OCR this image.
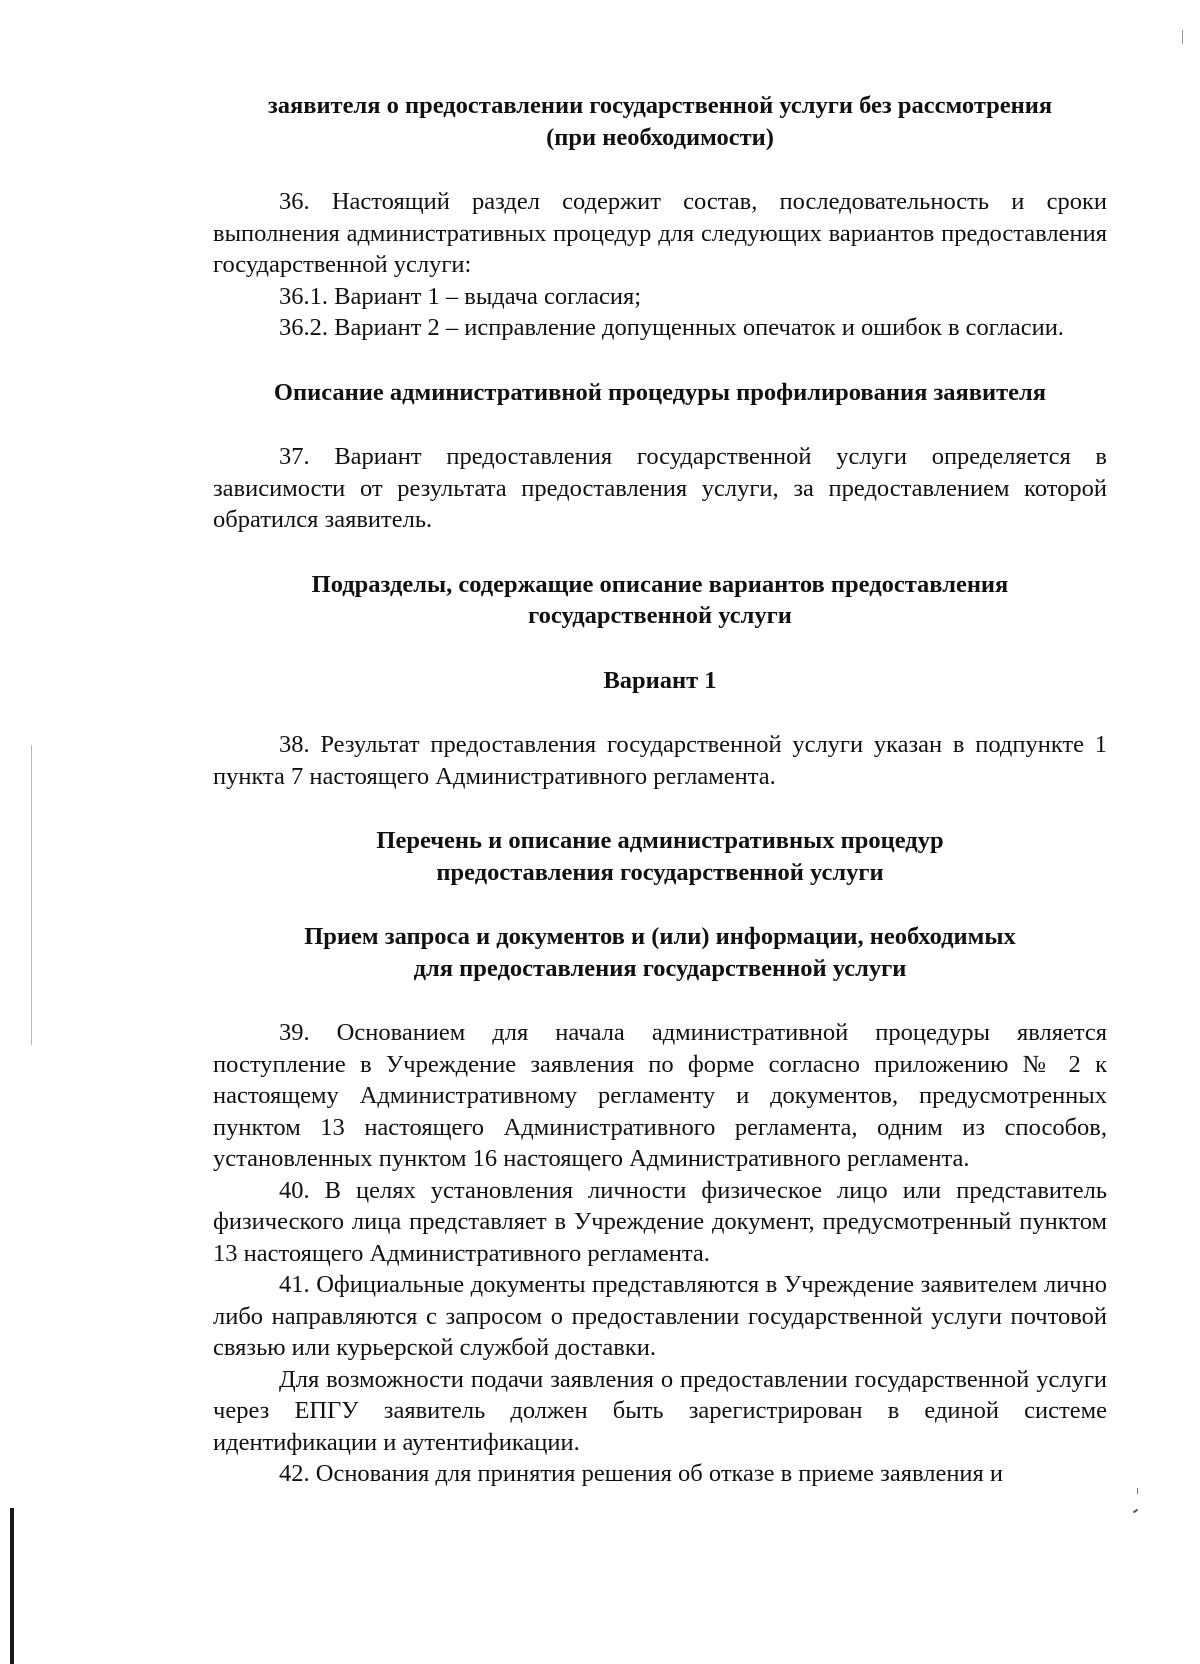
заявителя о предоставлении государственной услуги без рассмотрения

(при необходимости)

36. Настоящий раздел содержит состав, последовательность и сроки выполнения административных процедур для следующих вариантов предоставления государственной услуги:

36.1. Вариант 1 – выдача согласия;

36.2. Вариант 2 – исправление допущенных опечаток и ошибок в согласии.

Описание административной процедуры профилирования заявителя

37. Вариант предоставления государственной услуги определяется в зависимости от результата предоставления услуги, за предоставлением которой обратился заявитель.

Подразделы, содержащие описание вариантов предоставления

государственной услуги

Вариант 1

38. Результат предоставления государственной услуги указан в подпункте 1 пункта 7 настоящего Административного регламента.

Перечень и описание административных процедур

предоставления государственной услуги

Прием запроса и документов и (или) информации, необходимых

для предоставления государственной услуги

39. Основанием для начала административной процедуры является поступление в Учреждение заявления по форме согласно приложению № 2 к настоящему Административному регламенту и документов, предусмотренных пунктом 13 настоящего Административного регламента, одним из способов, установленных пунктом 16 настоящего Административного регламента.

40. В целях установления личности физическое лицо или представитель физического лица представляет в Учреждение документ, предусмотренный пунктом 13 настоящего Административного регламента.

41. Официальные документы представляются в Учреждение заявителем лично либо направляются с запросом о предоставлении государственной услуги почтовой связью или курьерской службой доставки.

Для возможности подачи заявления о предоставлении государственной услуги через ЕПГУ заявитель должен быть зарегистрирован в единой системе идентификации и аутентификации.

42. Основания для принятия решения об отказе в приеме заявления и
